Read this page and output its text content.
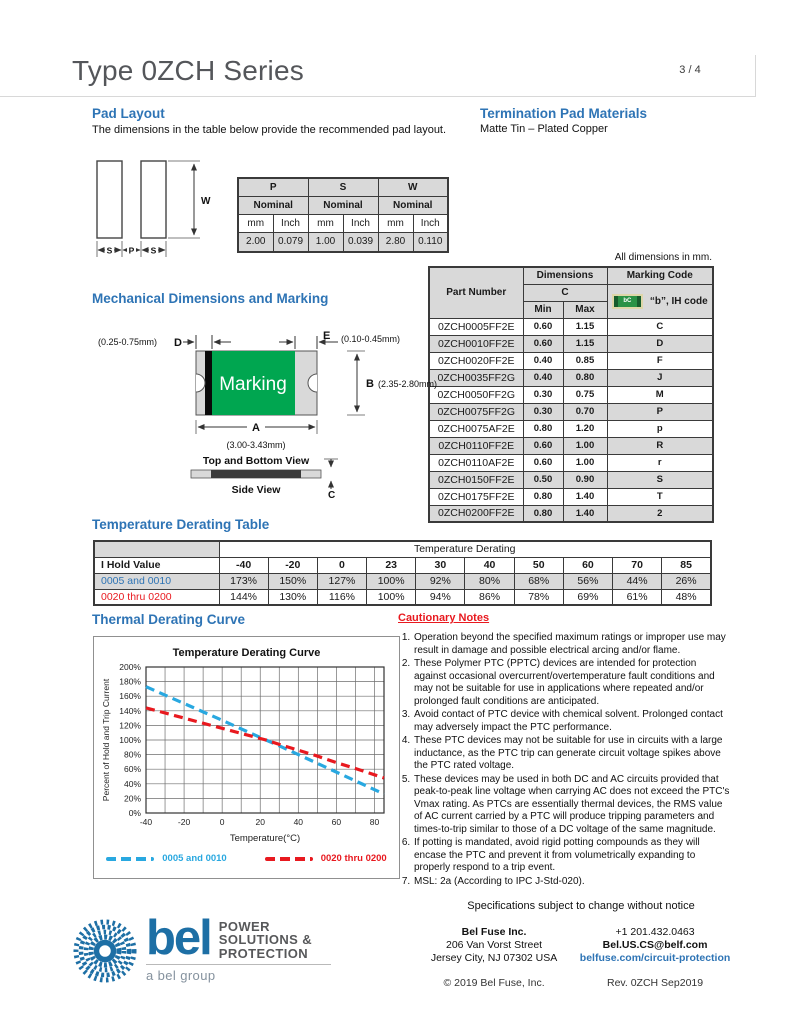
Type 0ZCH Series	3 / 4
Pad Layout

The dimensions in the table below provide the recommended pad layout.

Termination Pad Materials

Matte Tin – Plated Copper

W
S P S
P		S		W	
Nominal		Nominal		Nominal	
mm	Inch	mm	Inch	mm	Inch
2.00	0.079	1.00	0.039	2.80	0.110
All dimensions in mm.
Part Number	Dimensions		Marking Code
	C		bC “b”, IH code

	Min	Max	
0ZCH0005FF2E	0.60	1.15	C
0ZCH0010FF2E	0.60	1.15	D
0ZCH0020FF2E	0.40	0.85	F
0ZCH0035FF2G	0.40	0.80	J
0ZCH0050FF2G	0.30	0.75	M
0ZCH0075FF2G	0.30	0.70	P
0ZCH0075AF2E	0.80	1.20	p
0ZCH0110FF2E	0.60	1.00	R
0ZCH0110AF2E	0.60	1.00	r
0ZCH0150FF2E	0.50	0.90	S
0ZCH0175FF2E	0.80	1.40	T
0ZCH0200FF2E	0.80	1.40	2
Mechanical Dimensions and Marking
(0.25-0.75mm) D
E (0.10-0.45mm)
Marking	B (2.35-2.80mm)
A
(3.00-3.43mm)
Top and Bottom View
Side View	C
Temperature Derating Table
	Temperature Derating									
I Hold Value	-40	-20	0	23	30	40	50	60	70	85
0005 and 0010	173%	150%	127%	100%	92%	80%	68%	56%	44%	26%
0020 thru 0200	144%	130%	116%	100%	94%	86%	78%	69%	61%	48%
Thermal Derating Curve
Temperature Derating Curve
0%
20%
40%
60%
80%
100%
120%
140%
160%
180%
200%
-40	-20	0	20	40	60	80
Temperature(°C)
Percent of Hold and Trip Current
0005 and 0010	0020 thru 0200
Cautionary Notes
1. Operation beyond the specified maximum ratings or improper use may result in damage and possible electrical arcing and/or flame.
2. These Polymer PTC (PPTC) devices are intended for protection against occasional overcurrent/overtemperature fault conditions and may not be suitable for use in applications where repeated and/or prolonged fault conditions are anticipated.
3. Avoid contact of PTC device with chemical solvent. Prolonged contact may adversely impact the PTC performance.
4. These PTC devices may not be suitable for use in circuits with a large inductance, as the PTC trip can generate circuit voltage spikes above the PTC rated voltage.
5. These devices may be used in both DC and AC circuits provided that peak-to-peak line voltage when carrying AC does not exceed the PTC's Vmax rating. As PTCs are essentially thermal devices, the RMS value of AC current carried by a PTC will produce tripping parameters and times-to-trip similar to those of a DC voltage of the same magnitude.
6. If potting is mandated, avoid rigid potting compounds as they will encase the PTC and prevent it from volumetrically expanding to properly respond to a trip event.
7. MSL: 2a (According to IPC J-Std-020).
bel POWER
SOLUTIONS &
PROTECTION
a bel group
Specifications subject to change without notice
Bel Fuse Inc.
206 Van Vorst Street
Jersey City, NJ 07302 USA
+1 201.432.0463
Bel.US.CS@belf.com
belfuse.com/circuit-protection
© 2019 Bel Fuse, Inc.	Rev. 0ZCH Sep2019
